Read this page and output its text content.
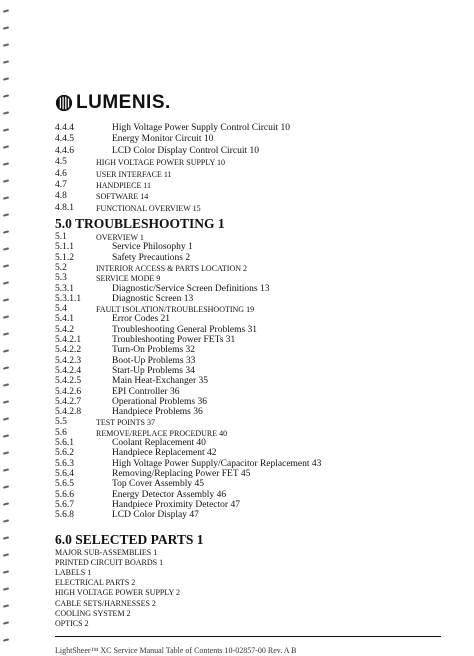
LUMENIS.
4.4.4	High Voltage Power Supply Control Circuit 10
4.4.5	Energy Monitor Circuit 10
4.4.6	LCD Color Display Control Circuit 10
4.5	HIGH VOLTAGE POWER SUPPLY 10
4.6	USER INTERFACE 11
4.7	HANDPIECE 11
4.8	SOFTWARE 14
4.8.1	FUNCTIONAL OVERVIEW 15
5.0 TROUBLESHOOTING 1
5.1	OVERVIEW 1
5.1.1	Service Philosophy 1
5.1.2	Safety Precautions 2
5.2	INTERIOR ACCESS & PARTS LOCATION 2
5.3	SERVICE MODE 9
5.3.1	Diagnostic/Service Screen Definitions 13
5.3.1.1	Diagnostic Screen 13
5.4	FAULT ISOLATION/TROUBLESHOOTING 19
5.4.1	Error Codes 21
5.4.2	Troubleshooting General Problems 31
5.4.2.1	Troubleshooting Power FETs 31
5.4.2.2	Turn-On Problems 32
5.4.2.3	Boot-Up Problems 33
5.4.2.4	Start-Up Problems 34
5.4.2.5	Main Heat-Exchanger 35
5.4.2.6	EPI Controller 36
5.4.2.7	Operational Problems 36
5.4.2.8	Handpiece Problems 36
5.5	TEST POINTS 37
5.6	REMOVE/REPLACE PROCEDURE 40
5.6.1	Coolant Replacement 40
5.6.2	Handpiece Replacement 42
5.6.3	High Voltage Power Supply/Capacitor Replacement 43
5.6.4	Removing/Replacing Power FET 45
5.6.5	Top Cover Assembly 45
5.6.6	Energy Detector Assembly 46
5.6.7	Handpiece Proximity Detector 47
5.6.8	LCD Color Display 47
6.0 SELECTED PARTS 1
MAJOR SUB-ASSEMBLIES 1
PRINTED CIRCUIT BOARDS 1
LABELS 1
ELECTRICAL PARTS 2
HIGH VOLTAGE POWER SUPPLY 2
CABLE SETS/HARNESSES 2
COOLING SYSTEM 2
OPTICS 2
LightSheer™ XC Service Manual Table of Contents 10-02857-00 Rev. A B
